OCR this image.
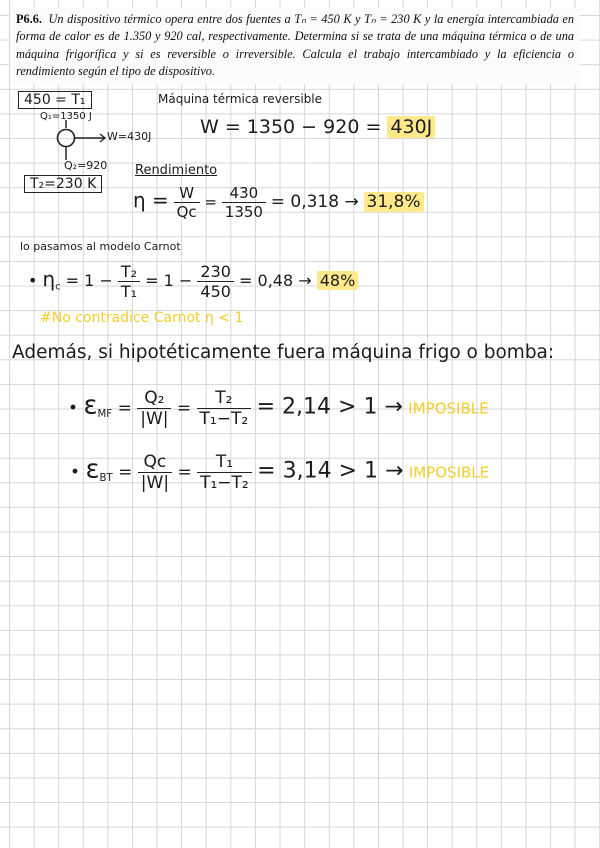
P6.6. Un dispositivo térmico opera entre dos fuentes a Tₙ = 450 K y Tₙ = 230 K y la energía intercambiada en forma de calor es de 1.350 y 920 cal, respectivamente. Determina si se trata de una máquina térmica o de una máquina frigorífica y si es reversible o irreversible. Calcula el trabajo intercambiado y la eficiencia o rendimiento según el tipo de dispositivo.
450 = T₁
Q₁=1350 J
W=430J
Q₂=920
T₂=230 K
Máquina térmica reversible
W = 1350 − 920 = 430J
Rendimiento
$\eta = \frac{W}{Qc} = \frac{430}{1350} = 0,318 \to 31,8\%$
lo pasamos al modelo Carnot
• $\eta_c = 1 - \frac{\text{T₂}}{\text{T₁}} = 1 - \frac{230}{450} = 0,48 \to 48\%$
#No contradice Carnot η < 1
Además, si hipotéticamente fuera máquina frigo o bomba:
• $\varepsilon_{MF} = \frac{\text{Q₂}}{|W|} = \frac{\text{T₂}}{\text{T₁−T₂}} = 2,14 > 1$ → IMPOSIBLE
• $\varepsilon_{BT} = \frac{Qc}{|W|} = \frac{\text{T₁}}{\text{T₁−T₂}} = 3,14 > 1$ → IMPOSIBLE
